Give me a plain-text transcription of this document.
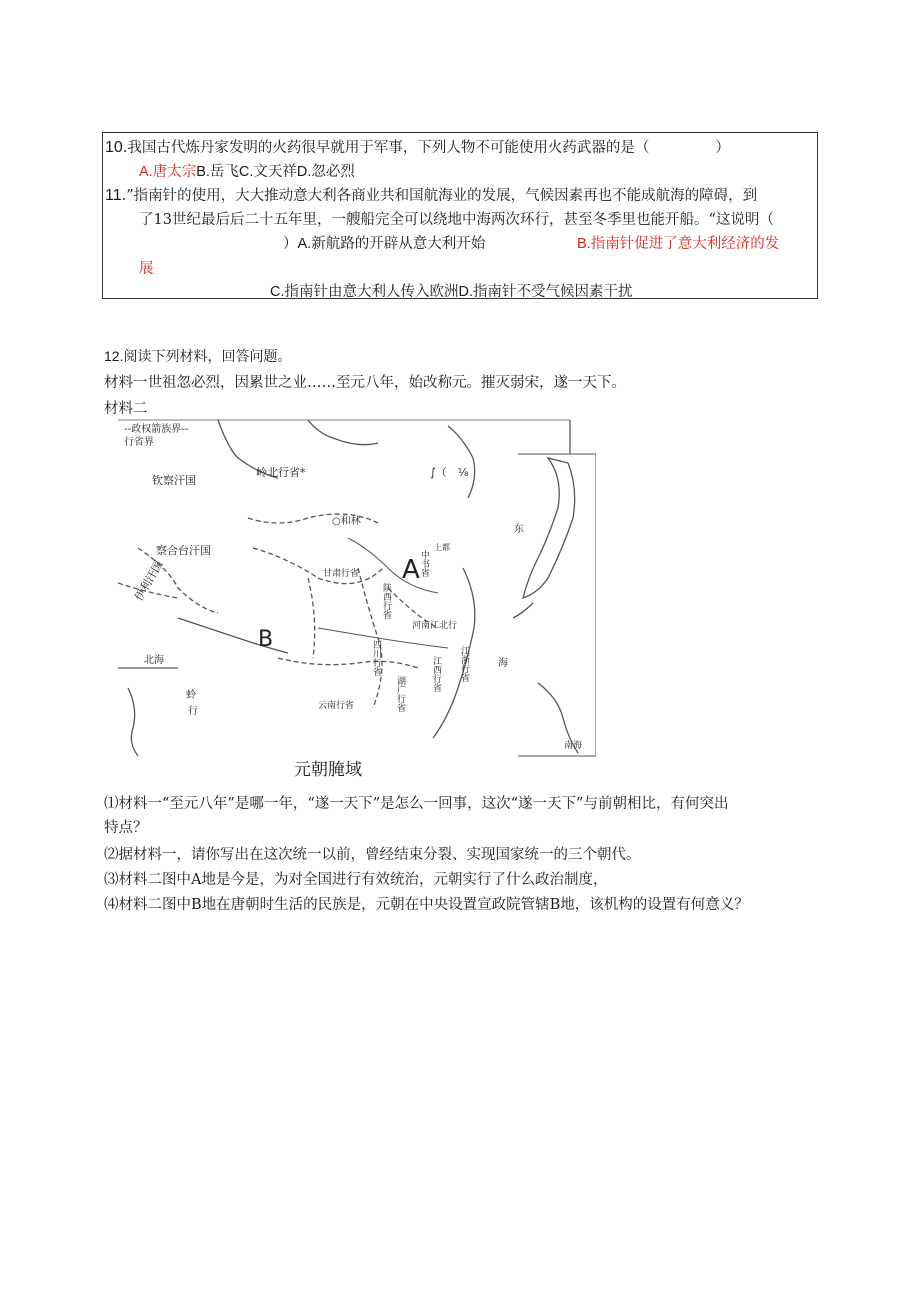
10.我国古代炼丹家发明的火药很早就用于军事，下列人物不可能使用火药武器的是（	）
A.唐太宗B.岳飞C.文天祥D.忽必烈
11.”指南针的使用，大大推动意大利各商业共和国航海业的发展，气候因素再也不能成航海的障碍，到
了13世纪最后后二十五年里，一艘船完全可以绕地中海两次环行，甚至冬季里也能开船。“这说明（
）A.新航路的开辟从意大利开始	B.指南针促进了意大利经济的发
展
C.指南针由意大利人传入欧洲D.指南针不受气候因素干扰
12.阅读下列材料，回答问题。
材料一世祖忽必烈，因累世之业……至元八年，始改称元。摧灭弱宋，遂一天下。
材料二
--政权箭族界--
行省界
钦察汗国
岭北行省*	∫（　⅛
○和林
察合台汗国
伊利汗国	甘肃行省
陕西行省
中书省
上都
A
B
河南江北行
四川行省
云南行省	湖广行省
江西行省 江浙行省
北海
蛉
行
海
东
南海
元朝腌域
⑴材料一“至元八年”是哪一年，“遂一天下”是怎么一回事，这次“遂一天下”与前朝相比，有何突出
特点？
⑵据材料一，请你写出在这次统一以前，曾经结束分裂、实现国家统一的三个朝代。
⑶材料二图中A地是今是，为对全国进行有效统治，元朝实行了什么政治制度，
⑷材料二图中B地在唐朝时生活的民族是，元朝在中央设置宣政院管辖B地，该机构的设置有何意义？
